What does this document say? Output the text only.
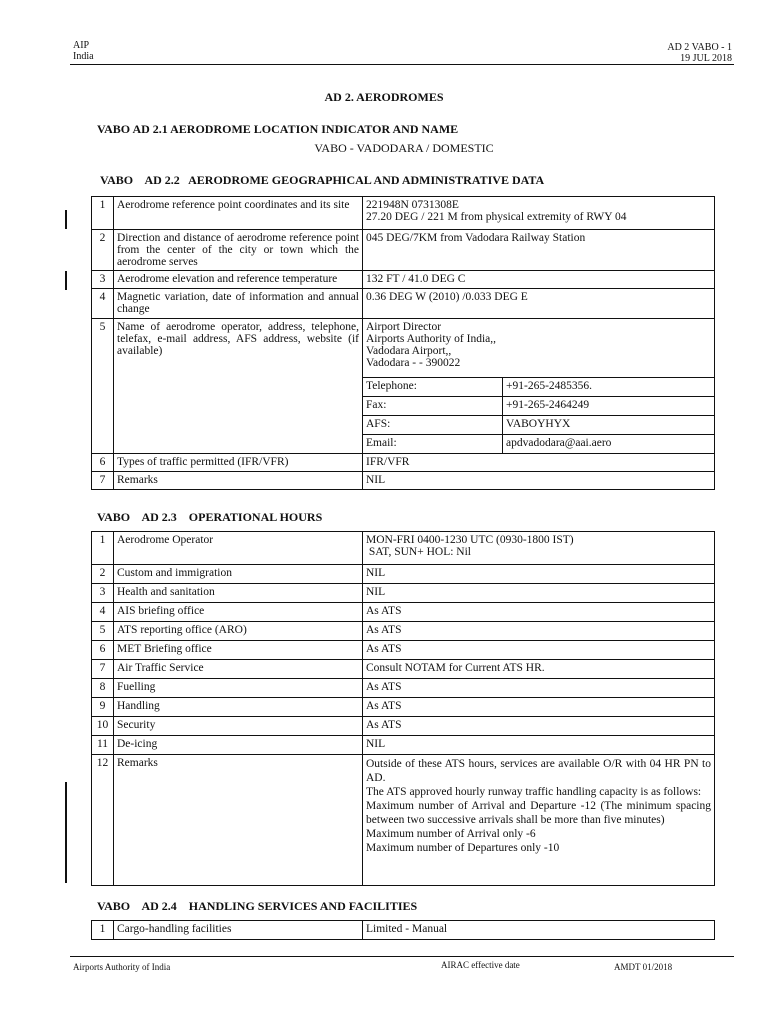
AIP
India
AD 2 VABO - 1
19 JUL 2018
AD 2. AERODROMES
VABO AD 2.1 AERODROME LOCATION INDICATOR AND NAME
VABO - VADODARA / DOMESTIC
VABO    AD 2.2   AERODROME GEOGRAPHICAL AND ADMINISTRATIVE DATA
1	Aerodrome reference point coordinates and its site	221948N 0731308E
27.20 DEG / 221 M from physical extremity of RWY 04	

2	Direction and distance of aerodrome reference point from the center of the city or town which the aerodrome serves	045 DEG/7KM from Vadodara Railway Station	
3	Aerodrome elevation and reference temperature	132 FT / 41.0 DEG C	
4	Magnetic variation, date of information and annual change	0.36 DEG W (2010) /0.033 DEG E	
5	Name of aerodrome operator, address, telephone, telefax, e-mail address, AFS address, website (if available)	Airport Director
Airports Authority of India,,
Vadodara Airport,,
Vadodara - - 390022	

		Telephone:	+91-265-2485356.
		Fax:	+91-265-2464249
		AFS:	VABOYHYX
		Email:	apdvadodara@aai.aero
6	Types of traffic permitted (IFR/VFR)	IFR/VFR	
7	Remarks	NIL	
VABO    AD 2.3    OPERATIONAL HOURS
1	Aerodrome Operator	MON-FRI 0400-1230 UTC (0930-1800 IST)
SAT, SUN+ HOL: Nil

2	Custom and immigration	NIL
3	Health and sanitation	NIL
4	AIS briefing office	As ATS
5	ATS reporting office (ARO)	As ATS
6	MET Briefing office	As ATS
7	Air Traffic Service	Consult NOTAM for Current ATS HR.
8	Fuelling	As ATS
9	Handling	As ATS
10	Security	As ATS
11	De-icing	NIL
12	Remarks	Outside of these ATS hours, services are available O/R with 04 HR PN to AD.
The ATS approved hourly runway traffic handling capacity is as follows:
Maximum number of Arrival and Departure -12 (The minimum spacing between two successive arrivals shall be more than five minutes)
Maximum number of Arrival only -6
Maximum number of Departures only -10
VABO    AD 2.4    HANDLING SERVICES AND FACILITIES
1	Cargo-handling facilities	Limited - Manual
Airports Authority of India	AIRAC effective date	AMDT 01/2018
